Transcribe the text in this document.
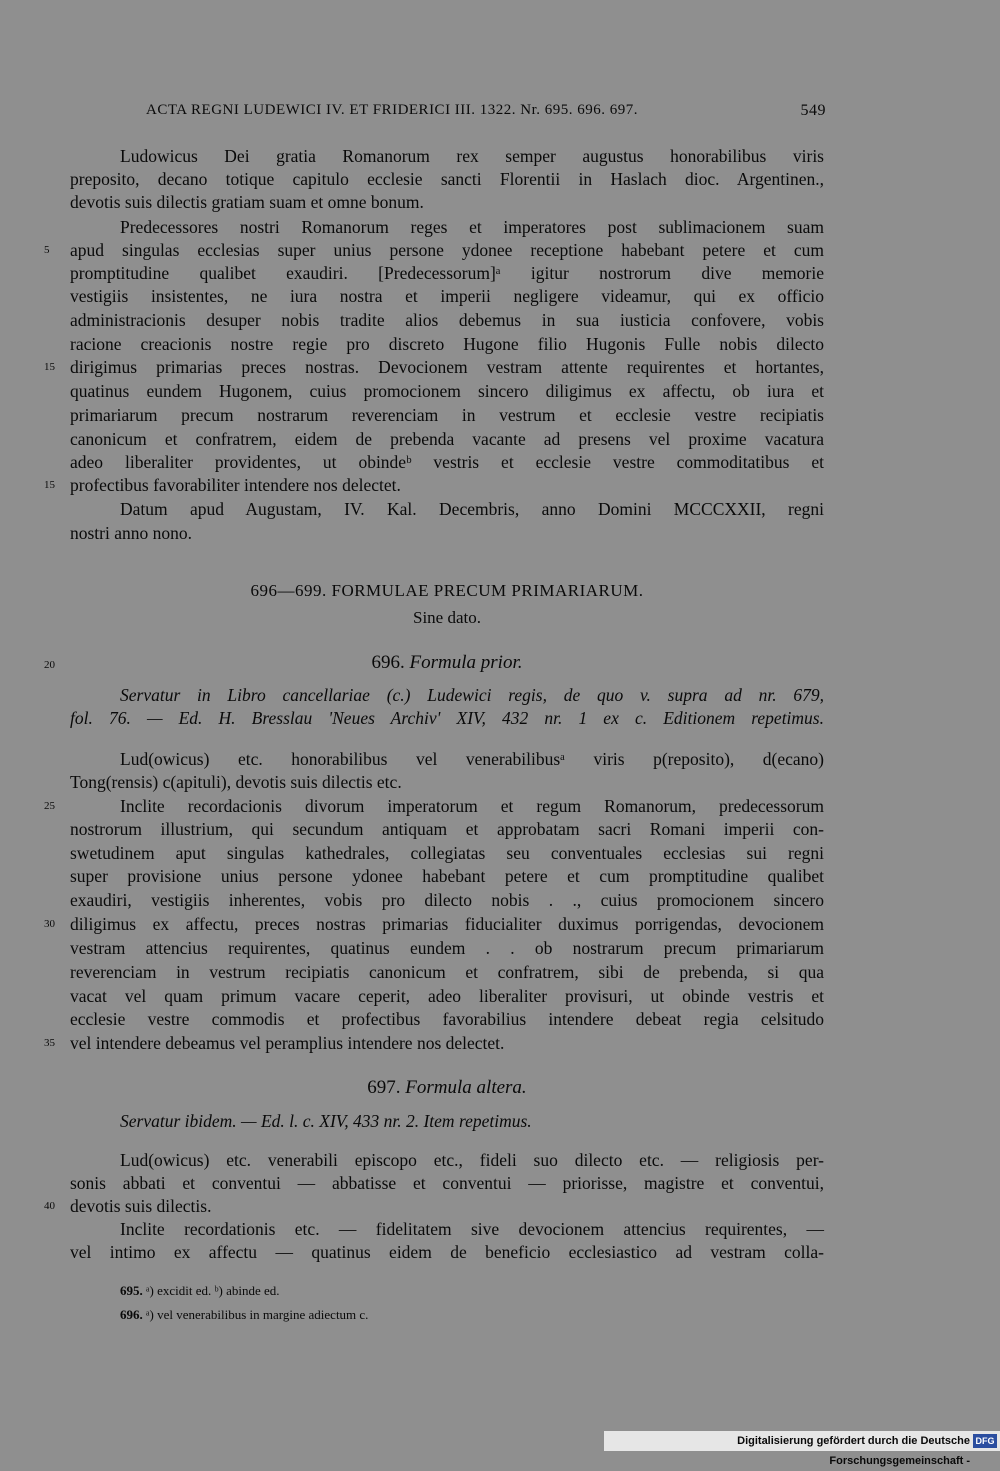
ACTA REGNI LUDEWICI IV. ET FRIDERICI III. 1322. Nr. 695. 696. 697.	549
Ludowicus Dei gratia Romanorum rex semper augustus honorabilibus viris
preposito, decano totique capitulo ecclesie sancti Florentii in Haslach dioc. Argentinen.,
devotis suis dilectis gratiam suam et omne bonum.
Predecessores nostri Romanorum reges et imperatores post sublimacionem suam
apud singulas ecclesias super unius persone ydonee receptione habebant petere et cum
promptitudine qualibet exaudiri. [Predecessorum]ᵃ igitur nostrorum dive memorie
vestigiis insistentes, ne iura nostra et imperii negligere videamur, qui ex officio
administracionis desuper nobis tradite alios debemus in sua iusticia confovere, vobis
racione creacionis nostre regie pro discreto Hugone filio Hugonis Fulle nobis dilecto
dirigimus primarias preces nostras. Devocionem vestram attente requirentes et hortantes,
quatinus eundem Hugonem, cuius promocionem sincero diligimus ex affectu, ob iura et
primariarum precum nostrarum reverenciam in vestrum et ecclesie vestre recipiatis
canonicum et confratrem, eidem de prebenda vacante ad presens vel proxime vacatura
adeo liberaliter providentes, ut obindeᵇ vestris et ecclesie vestre commoditatibus et
profectibus favorabiliter intendere nos delectet.
Datum apud Augustam, IV. Kal. Decembris, anno Domini MCCCXXII, regni
nostri anno nono.
5
15
15
696—699. FORMULAE PRECUM PRIMARIARUM.
Sine dato.
20	696. Formula prior.
Servatur in Libro cancellariae (c.) Ludewici regis, de quo v. supra ad nr. 679,
fol. 76. — Ed. H. Bresslau 'Neues Archiv' XIV, 432 nr. 1 ex c. Editionem repetimus.
Lud(owicus) etc. honorabilibus vel venerabilibusᵃ viris p(reposito), d(ecano)
Tong(rensis) c(apituli), devotis suis dilectis etc.
Inclite recordacionis divorum imperatorum et regum Romanorum, predecessorum
nostrorum illustrium, qui secundum antiquam et approbatam sacri Romani imperii con-
swetudinem aput singulas kathedrales, collegiatas seu conventuales ecclesias sui regni
super provisione unius persone ydonee habebant petere et cum promptitudine qualibet
exaudiri, vestigiis inherentes, vobis pro dilecto nobis . ., cuius promocionem sincero
diligimus ex affectu, preces nostras primarias fiducialiter duximus porrigendas, devocionem
vestram attencius requirentes, quatinus eundem . . ob nostrarum precum primariarum
reverenciam in vestrum recipiatis canonicum et confratrem, sibi de prebenda, si qua
vacat vel quam primum vacare ceperit, adeo liberaliter provisuri, ut obinde vestris et
ecclesie vestre commodis et profectibus favorabilius intendere debeat regia celsitudo
vel intendere debeamus vel peramplius intendere nos delectet.
25
30
35
697. Formula altera.
Servatur ibidem. — Ed. l. c. XIV, 433 nr. 2. Item repetimus.
Lud(owicus) etc. venerabili episcopo etc., fideli suo dilecto etc. — religiosis per-
sonis abbati et conventui — abbatisse et conventui — priorisse, magistre et conventui,
devotis suis dilectis.
Inclite recordationis etc. — fidelitatem sive devocionem attencius requirentes, —
vel intimo ex affectu — quatinus eidem de beneficio ecclesiastico ad vestram colla-
40
695. ᵃ) excidit ed. ᵇ) abinde ed.
696. ᵃ) vel venerabilibus in margine adiectum c.
Digitalisierung gefördert durch die Deutsche Forschungsgemeinschaft -
DFG
